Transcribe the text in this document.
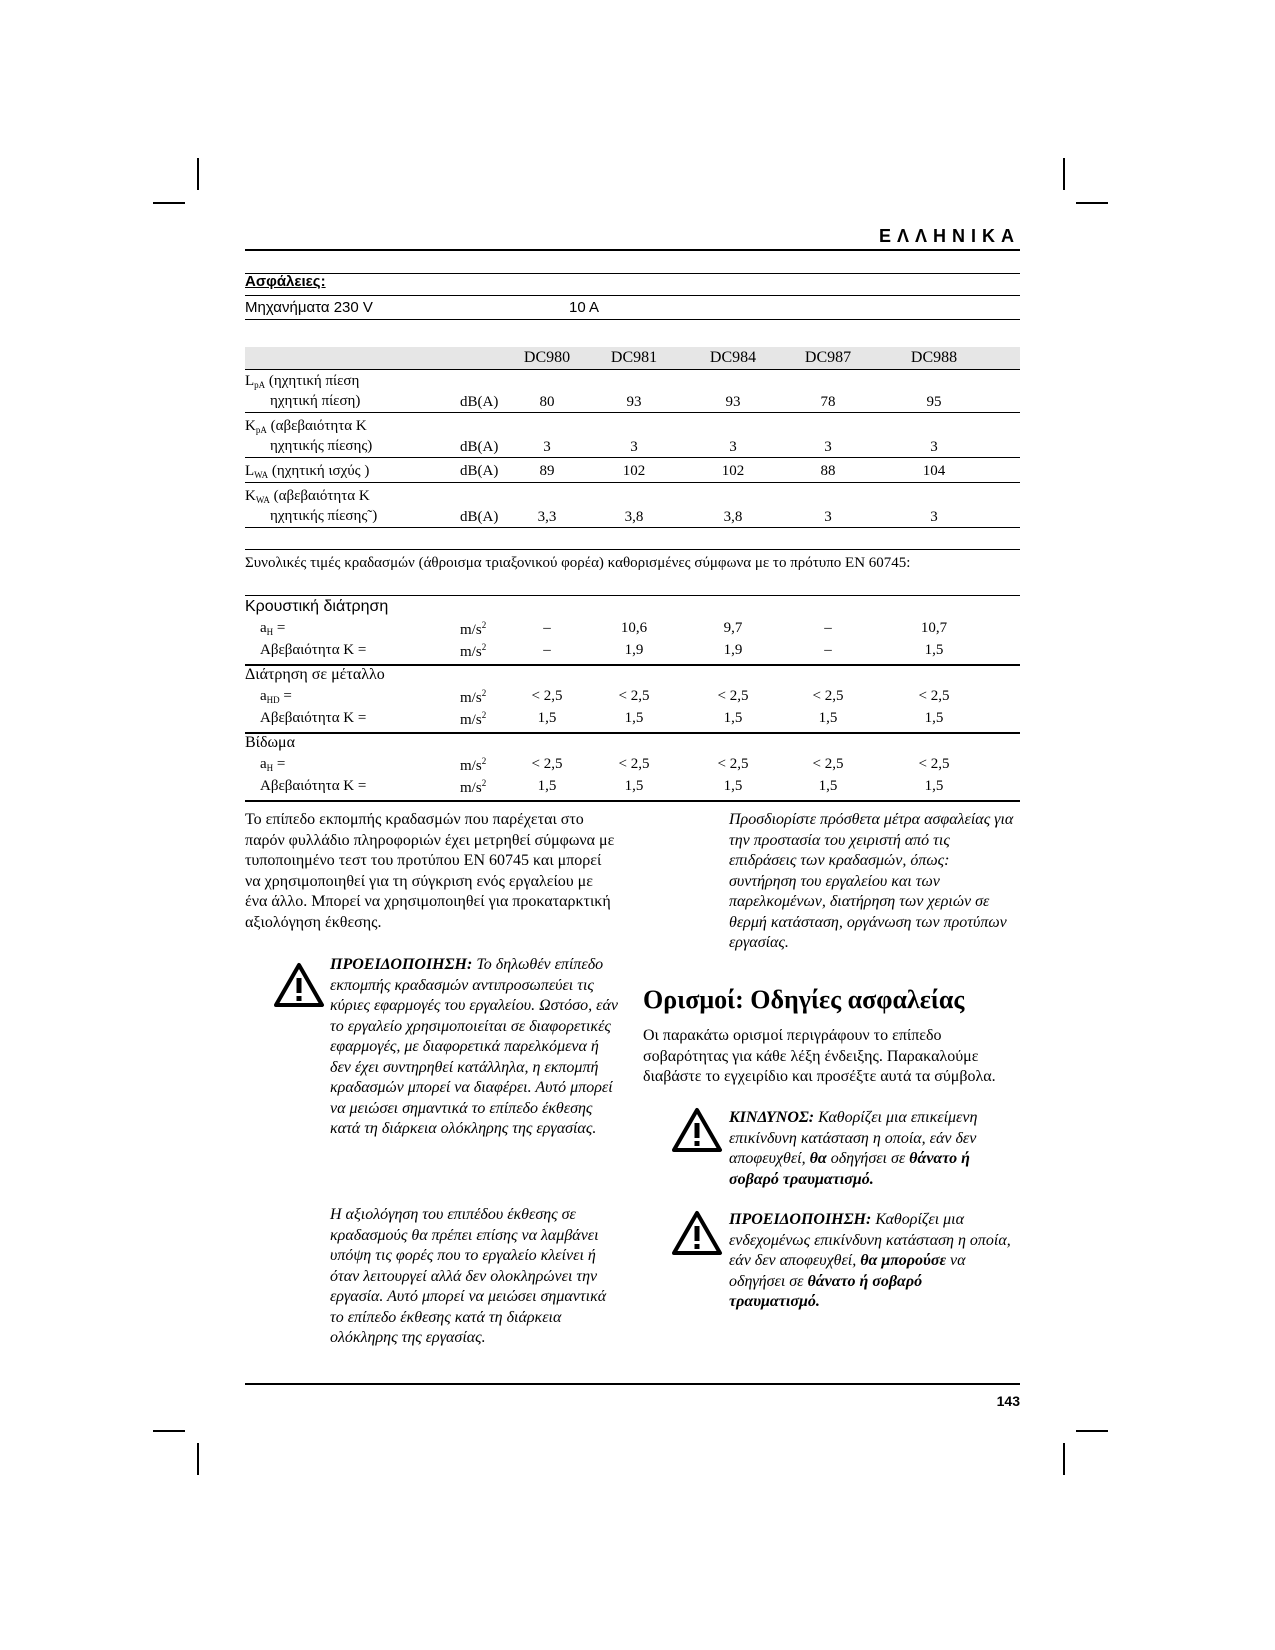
ΕΛΛΗΝΙΚΑ
Ασφάλειες:
Μηχανήματα 230 V	10 A
DC980	DC981	DC984	DC987	DC988
$L_{pA}$ (ηχητική πίεση
ηχητική πίεση)	dB(A)	80	93	93	78	95
$K_{pA}$ (αβεβαιότητα K
ηχητικής πίεσης)	dB(A)	3	3	3	3	3
$L_{WA}$ (ηχητική ισχύς )	dB(A)	89	102	102	88	104
$K_{WA}$ (αβεβαιότητα K
ηχητικής πίεσης˜)	dB(A)	3,3	3,8	3,8	3	3
Συνολικές τιμές κραδασμών (άθροισμα τριαξονικού φορέα) καθορισμένες σύμφωνα με το πρότυπο EN 60745:
Κρουστική διάτρηση
$a_H$ =	$m/s^2$	–	10,6	9,7	–	10,7
Αβεβαιότητα K =	$m/s^2$	–	1,9	1,9	–	1,5
Διάτρηση σε μέταλλο
$a_{HD}$ =	$m/s^2$	< 2,5	< 2,5	< 2,5	< 2,5	< 2,5
Αβεβαιότητα K =	$m/s^2$	1,5	1,5	1,5	1,5	1,5
Βίδωμα
$a_H$ =	$m/s^2$	< 2,5	< 2,5	< 2,5	< 2,5	< 2,5
Αβεβαιότητα K =	$m/s^2$	1,5	1,5	1,5	1,5	1,5
Το επίπεδο εκπομπής κραδασμών που παρέχεται στο παρόν φυλλάδιο πληροφοριών έχει μετρηθεί σύμφωνα με τυποποιημένο τεστ του προτύπου EN 60745 και μπορεί να χρησιμοποιηθεί για τη σύγκριση ενός εργαλείου με ένα άλλο. Μπορεί να χρησιμοποιηθεί για προκαταρκτική αξιολόγηση έκθεσης.
ΠΡΟΕΙΔΟΠΟΙΗΣΗ: Το δηλωθέν επίπεδο εκπομπής κραδασμών αντιπροσωπεύει τις κύριες εφαρμογές του εργαλείου. Ωστόσο, εάν το εργαλείο χρησιμοποιείται σε διαφορετικές εφαρμογές, με διαφορετικά παρελκόμενα ή δεν έχει συντηρηθεί κατάλληλα, η εκπομπή κραδασμών μπορεί να διαφέρει. Αυτό μπορεί να μειώσει σημαντικά το επίπεδο έκθεσης κατά τη διάρκεια ολόκληρης της εργασίας.
Η αξιολόγηση του επιπέδου έκθεσης σε κραδασμούς θα πρέπει επίσης να λαμβάνει υπόψη τις φορές που το εργαλείο κλείνει ή όταν λειτουργεί αλλά δεν ολοκληρώνει την εργασία. Αυτό μπορεί να μειώσει σημαντικά το επίπεδο έκθεσης κατά τη διάρκεια ολόκληρης της εργασίας.
Προσδιορίστε πρόσθετα μέτρα ασφαλείας για την προστασία του χειριστή από τις επιδράσεις των κραδασμών, όπως: συντήρηση του εργαλείου και των παρελκομένων, διατήρηση των χεριών σε θερμή κατάσταση, οργάνωση των προτύπων εργασίας.
Ορισμοί: Οδηγίες ασφαλείας
Οι παρακάτω ορισμοί περιγράφουν το επίπεδο σοβαρότητας για κάθε λέξη ένδειξης. Παρακαλούμε διαβάστε το εγχειρίδιο και προσέξτε αυτά τα σύμβολα.
ΚΙΝΔΥΝΟΣ: Καθορίζει μια επικείμενη επικίνδυνη κατάσταση η οποία, εάν δεν αποφευχθεί, θα οδηγήσει σε θάνατο ή σοβαρό τραυματισμό.
ΠΡΟΕΙΔΟΠΟΙΗΣΗ: Καθορίζει μια ενδεχομένως επικίνδυνη κατάσταση η οποία, εάν δεν αποφευχθεί, θα μπορούσε να οδηγήσει σε θάνατο ή σοβαρό τραυματισμό.
143
